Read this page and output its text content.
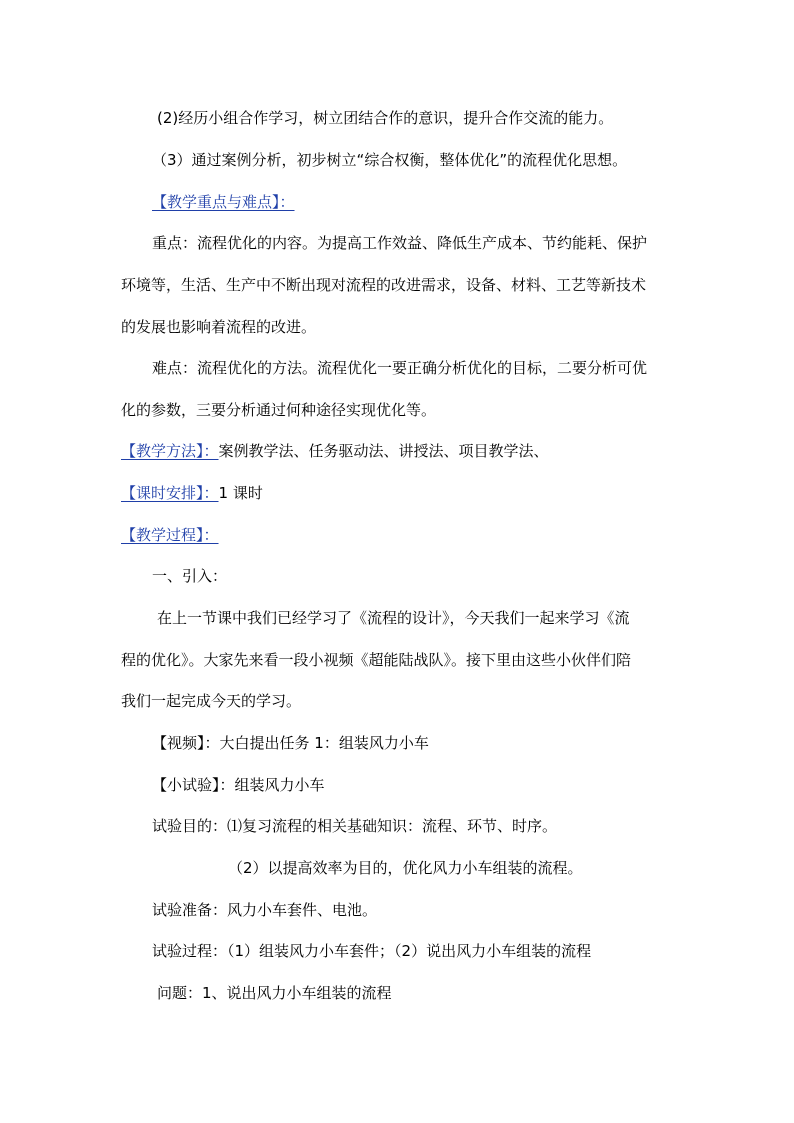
(2)经历小组合作学习，树立团结合作的意识，提升合作交流的能力。

（3）通过案例分析，初步树立“综合权衡，整体优化”的流程优化思想。

【教学重点与难点】：

重点：流程优化的内容。为提高工作效益、降低生产成本、节约能耗、保护

环境等，生活、生产中不断出现对流程的改进需求，设备、材料、工艺等新技术

的发展也影响着流程的改进。

难点：流程优化的方法。流程优化一要正确分析优化的目标，二要分析可优

化的参数，三要分析通过何种途径实现优化等。

【教学方法】：案例教学法、任务驱动法、讲授法、项目教学法、

【课时安排】：1 课时

【教学过程】：

一、引入：

在上一节课中我们已经学习了《流程的设计》，今天我们一起来学习《流

程的优化》。大家先来看一段小视频《超能陆战队》。接下里由这些小伙伴们陪

我们一起完成今天的学习。

【视频】：大白提出任务 1：组装风力小车

【小试验】：组装风力小车

试验目的：⑴复习流程的相关基础知识：流程、环节、时序。

（2）以提高效率为目的，优化风力小车组装的流程。

试验准备：风力小车套件、电池。

试验过程：（1）组装风力小车套件；（2）说出风力小车组装的流程

问题：1、说出风力小车组装的流程
